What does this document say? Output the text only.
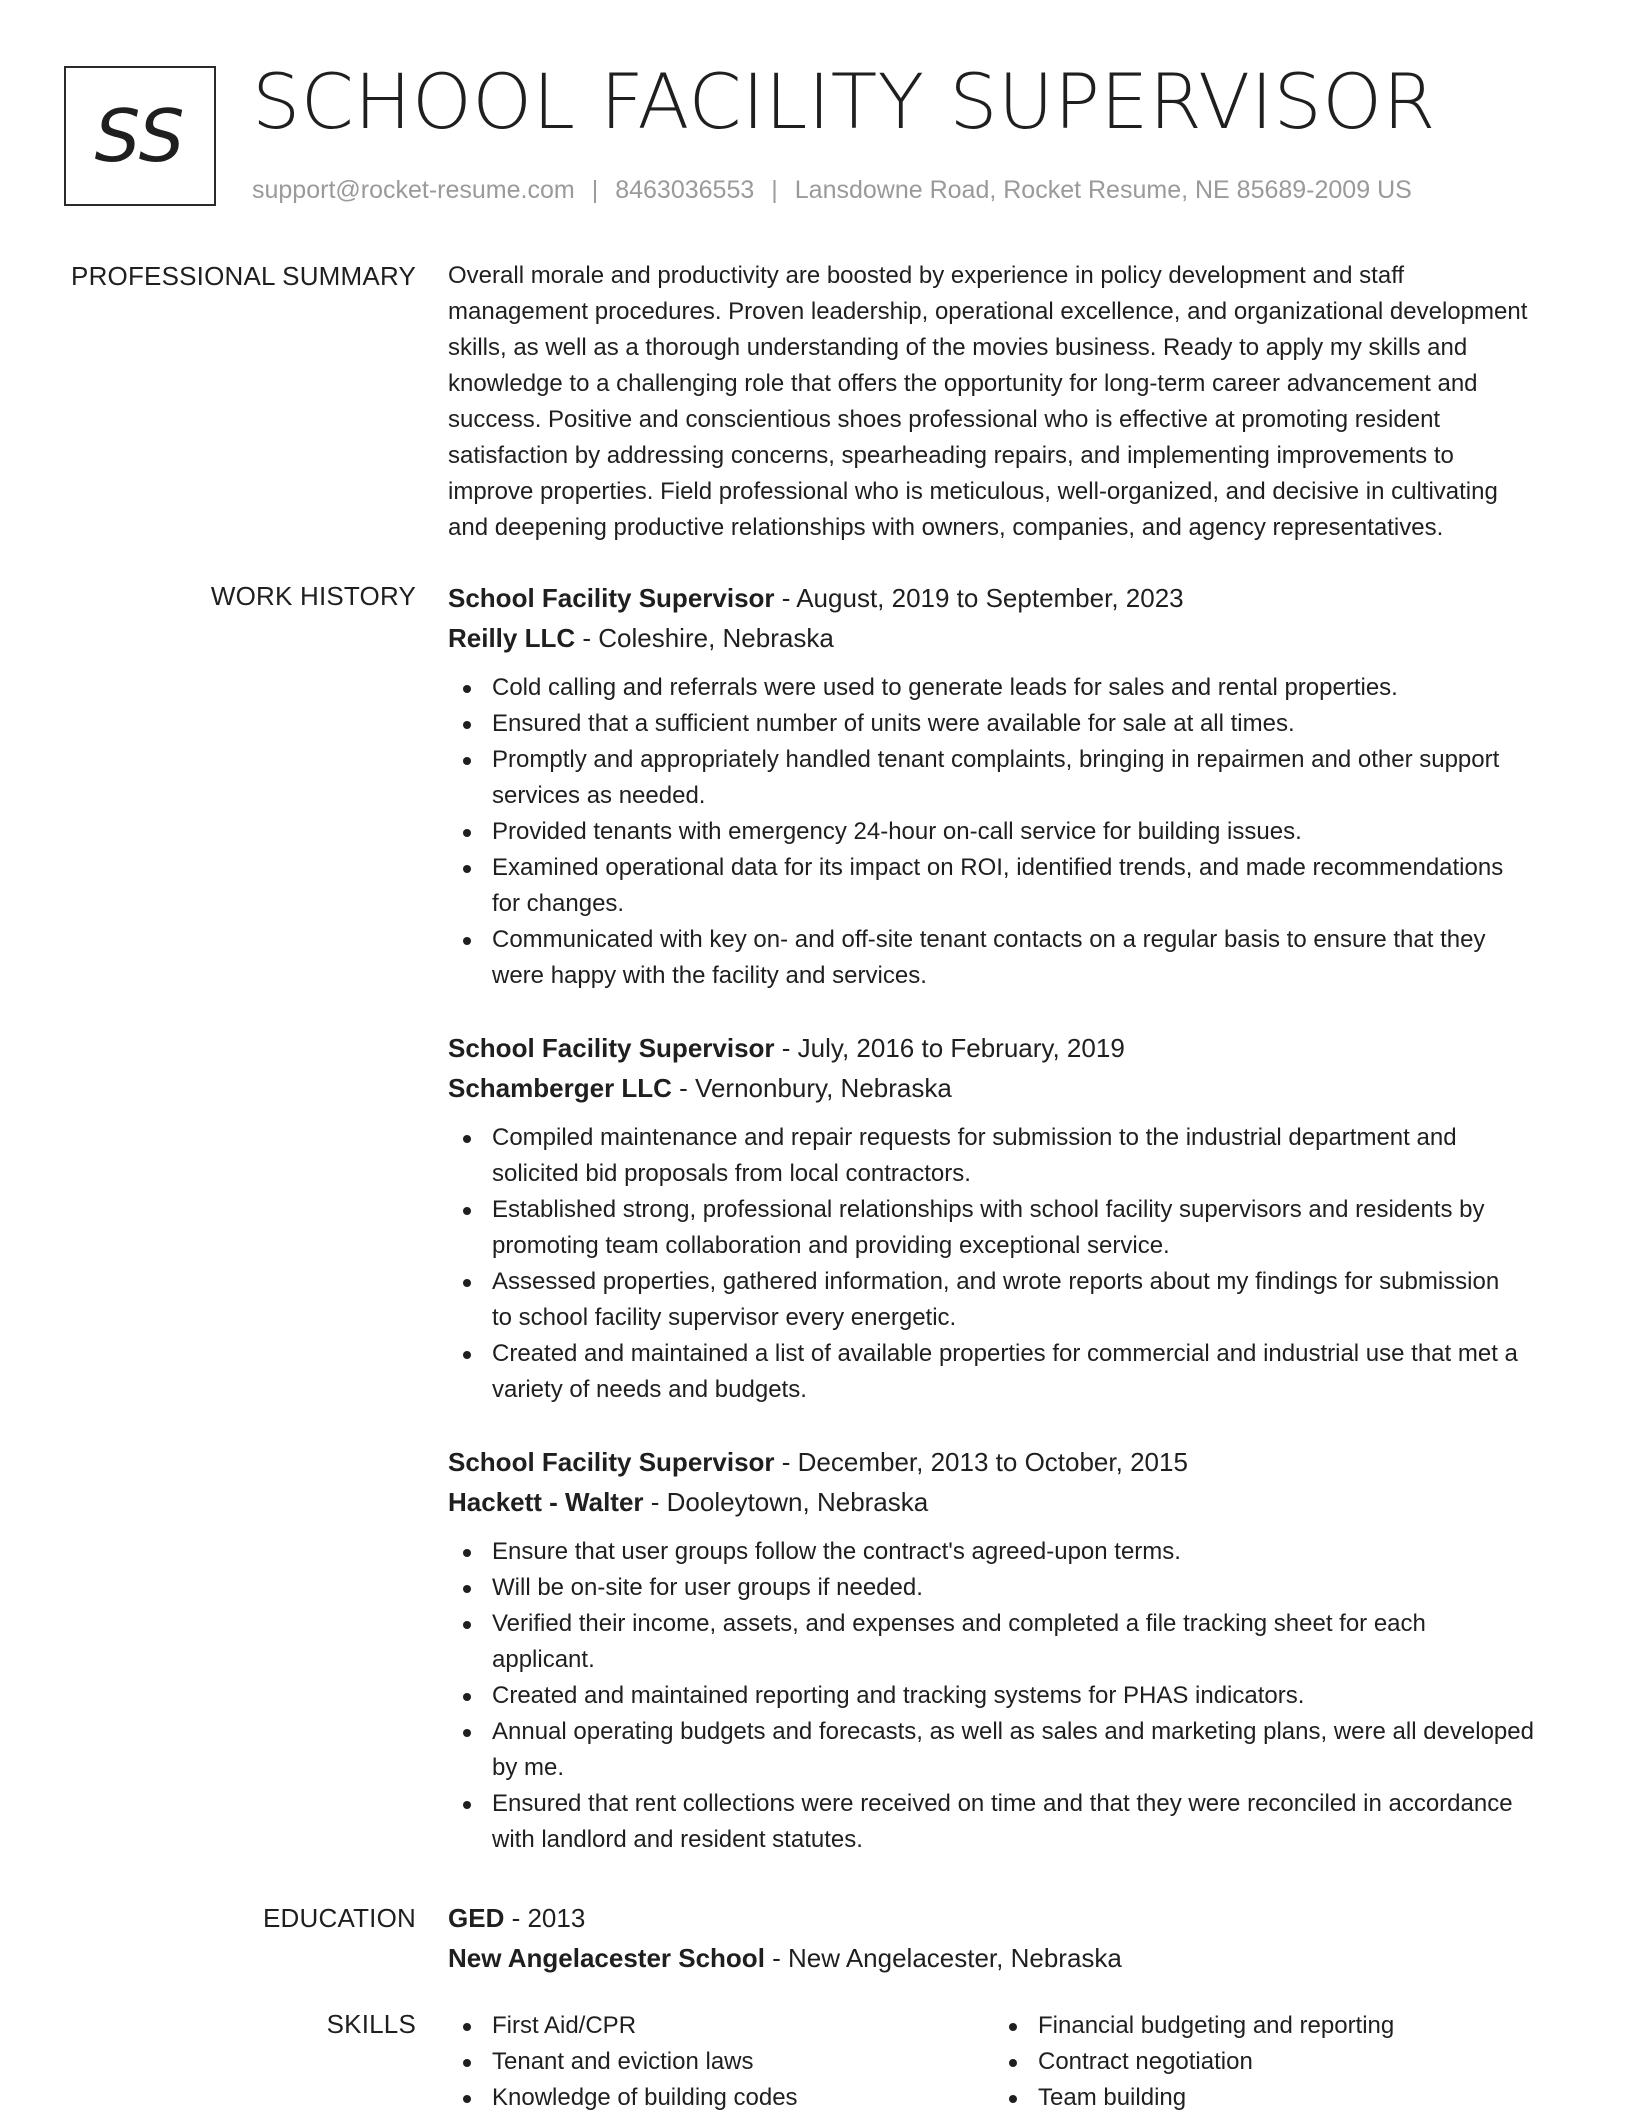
SS SCHOOL FACILITY SUPERVISOR
support@rocket-resume.com | 8463036553 | Lansdowne Road, Rocket Resume, NE 85689-2009 US
PROFESSIONAL SUMMARY Overall morale and productivity are boosted by experience in policy development and staff
management procedures. Proven leadership, operational excellence, and organizational development
skills, as well as a thorough understanding of the movies business. Ready to apply my skills and
knowledge to a challenging role that offers the opportunity for long-term career advancement and
success. Positive and conscientious shoes professional who is effective at promoting resident
satisfaction by addressing concerns, spearheading repairs, and implementing improvements to
improve properties. Field professional who is meticulous, well-organized, and decisive in cultivating
and deepening productive relationships with owners, companies, and agency representatives.

WORK HISTORY School Facility Supervisor - August, 2019 to September, 2023
Reilly LLC - Coleshire, Nebraska
Cold calling and referrals were used to generate leads for sales and rental properties.
Ensured that a sufficient number of units were available for sale at all times.
Promptly and appropriately handled tenant complaints, bringing in repairmen and other support
services as needed.
Provided tenants with emergency 24-hour on-call service for building issues.
Examined operational data for its impact on ROI, identified trends, and made recommendations
for changes.
Communicated with key on- and off-site tenant contacts on a regular basis to ensure that they
were happy with the facility and services.
School Facility Supervisor - July, 2016 to February, 2019
Schamberger LLC - Vernonbury, Nebraska
Compiled maintenance and repair requests for submission to the industrial department and
solicited bid proposals from local contractors.
Established strong, professional relationships with school facility supervisors and residents by
promoting team collaboration and providing exceptional service.
Assessed properties, gathered information, and wrote reports about my findings for submission
to school facility supervisor every energetic.
Created and maintained a list of available properties for commercial and industrial use that met a
variety of needs and budgets.
School Facility Supervisor - December, 2013 to October, 2015
Hackett - Walter - Dooleytown, Nebraska
Ensure that user groups follow the contract's agreed-upon terms.
Will be on-site for user groups if needed.
Verified their income, assets, and expenses and completed a file tracking sheet for each
applicant.
Created and maintained reporting and tracking systems for PHAS indicators.
Annual operating budgets and forecasts, as well as sales and marketing plans, were all developed
by me.
Ensured that rent collections were received on time and that they were reconciled in accordance
with landlord and resident statutes.
EDUCATION GED - 2013
New Angelacester School - New Angelacester, Nebraska
SKILLS	First Aid/CPR
Tenant and eviction laws
Knowledge of building codes
Financial budgeting and reporting
Contract negotiation
Team building
